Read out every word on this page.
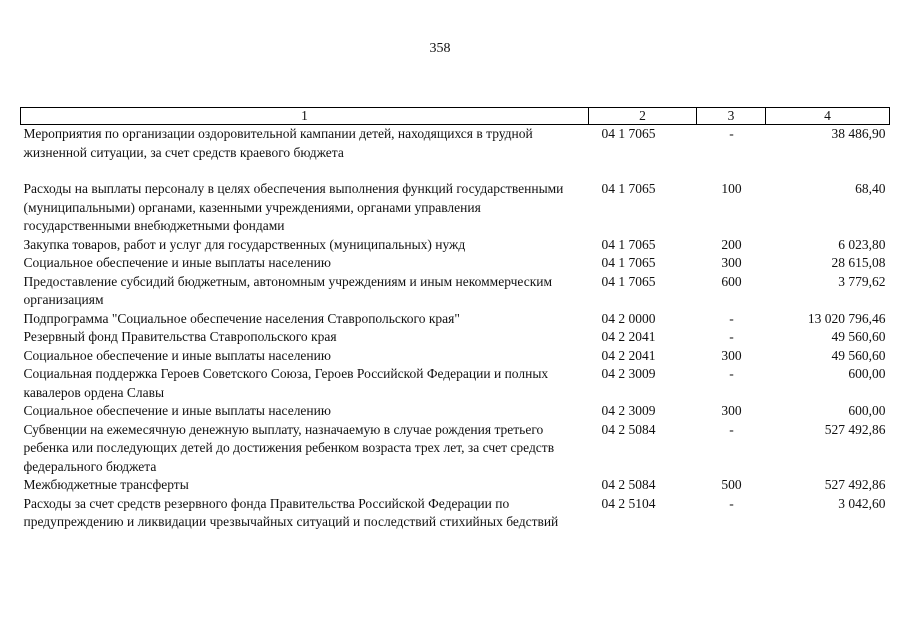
358
1	2	3	4
Мероприятия по организации оздоровительной кампании детей, находящихся в трудной жизненной ситуации, за счет средств краевого бюджета	04 1 7065	-	38 486,90

Расходы на выплаты персоналу в целях обеспечения выполнения функций государственными (муниципальными) органами, казенными учреждениями, органами управления государственными внебюджетными фондами	04 1 7065	100	68,40
Закупка товаров, работ и услуг для государственных (муниципальных) нужд	04 1 7065	200	6 023,80
Социальное обеспечение и иные выплаты населению	04 1 7065	300	28 615,08
Предоставление субсидий бюджетным, автономным учреждениям и иным некоммерческим организациям	04 1 7065	600	3 779,62
Подпрограмма "Социальное обеспечение населения Ставропольского края"	04 2 0000	-	13 020 796,46
Резервный фонд Правительства Ставропольского края	04 2 2041	-	49 560,60
Социальное обеспечение и иные выплаты населению	04 2 2041	300	49 560,60
Социальная поддержка Героев Советского Союза, Героев Российской Федерации и полных кавалеров ордена Славы	04 2 3009	-	600,00
Социальное обеспечение и иные выплаты населению	04 2 3009	300	600,00
Субвенции на ежемесячную денежную выплату, назначаемую в случае рождения третьего ребенка или последующих детей до достижения ребенком возраста трех лет, за счет средств федерального бюджета	04 2 5084	-	527 492,86
Межбюджетные трансферты	04 2 5084	500	527 492,86
Расходы за счет средств резервного фонда Правительства Российской Федерации по предупреждению и ликвидации чрезвычайных ситуаций и последствий стихийных бедствий	04 2 5104	-	3 042,60
